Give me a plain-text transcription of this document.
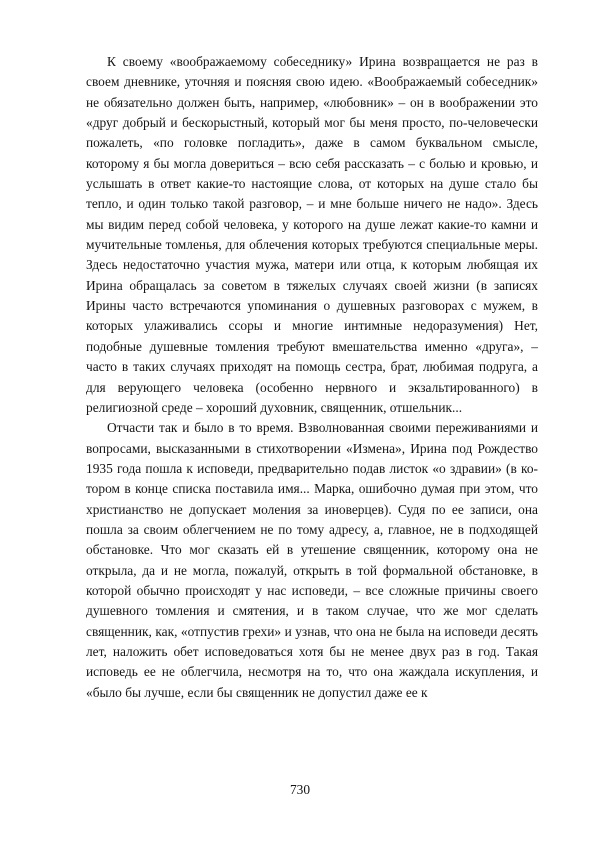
К своему «воображаемому собеседнику» Ирина возвращается не раз в своем дневнике, уточняя и поясняя свою идею. «Воображаемый собеседник» не обязательно должен быть, например, «любовник» – он в воображении это «друг добрый и бескорыстный, который мог бы меня просто, по-человечески пожалеть, «по головке погладить», даже в самом буквальном смысле, которому я бы могла довериться – всю себя рассказать – с болью и кровью, и услышать в ответ какие-то настоящие слова, от которых на душе стало бы тепло, и один только такой разговор, – и мне больше ничего не надо». Здесь мы видим перед собой человека, у которого на душе лежат какие-то камни и мучительные томленья, для облечения которых требуются специальные меры. Здесь недостаточно участия мужа, матери или отца, к которым любящая их Ирина обращалась за советом в тяжелых случаях своей жизни (в записях Ирины часто встречаются упоминания о душевных разговорах с мужем, в которых улаживались ссоры и многие интимные недоразумения) Нет, подобные душевные томления требуют вмешательства именно «друга», – часто в таких случаях приходят на помощь сестра, брат, любимая подруга, а для верующего человека (особенно нервного и экзальтированного) в религиозной среде – хороший духовник, священник, отшельник...

Отчасти так и было в то время. Взволнованная своими переживаниями и вопросами, высказанными в стихотворении «Измена», Ирина под Рождество 1935 года пошла к исповеди, предварительно подав листок «о здравии» (в котором в конце списка поставила имя... Марка, ошибочно думая при этом, что христианство не допускает моления за иноверцев). Судя по ее записи, она пошла за своим облегчением не по тому адресу, а, главное, не в подходящей обстановке. Что мог сказать ей в утешение священник, которому она не открыла, да и не могла, пожалуй, открыть в той формальной обстановке, в которой обычно происходят у нас исповеди, – все сложные причины своего душевного томления и смятения, и в таком случае, что же мог сделать священник, как, «отпустив грехи» и узнав, что она не была на исповеди десять лет, наложить обет исповедоваться хотя бы не менее двух раз в год. Такая исповедь ее не облегчила, несмотря на то, что она жаждала искупления, и «было бы лучше, если бы священник не допустил даже ее к

730
